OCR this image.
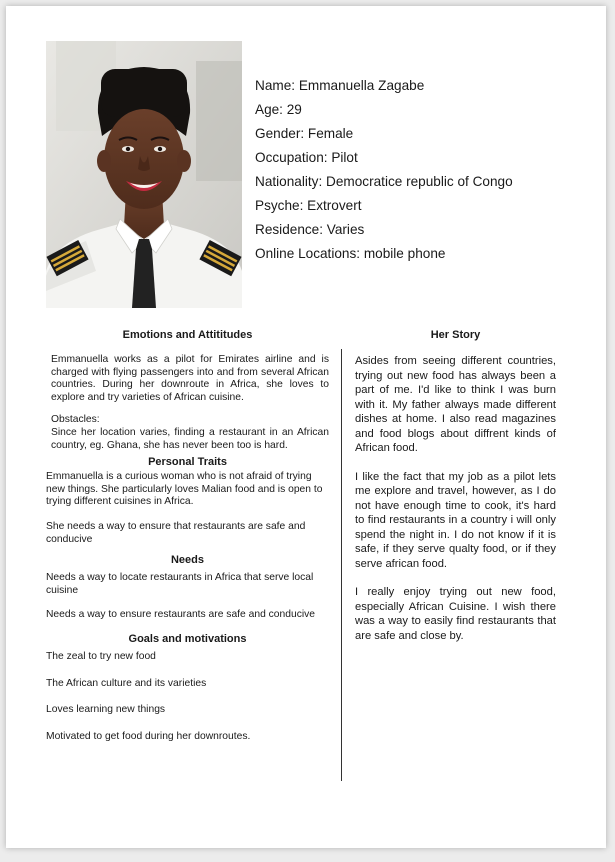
Name: Emmanuella Zagabe
Age: 29
Gender: Female
Occupation: Pilot
Nationality: Democratice republic of Congo
Psyche: Extrovert
Residence: Varies
Online Locations: mobile phone
Emotions and Attititudes

Emmanuella works as a pilot for Emirates airline and is charged with flying passengers into and from several African countries. During her downroute in Africa, she loves to explore and try varieties of African cuisine.

Obstacles:

Since her location varies, finding a restaurant in an African country, eg. Ghana, she has never been too is hard.

Personal Traits

Emmanuella is a curious woman who is not afraid of trying new things. She particularly loves Malian food and is open to trying different cuisines in Africa.

She needs a way to ensure that restaurants are safe and conducive

Needs

Needs a way to locate restaurants in Africa that serve local cuisine

Needs a way to ensure restaurants are safe and conducive

Goals and motivations

The zeal to try new food

The African culture and its varieties

Loves learning new things

Motivated to get food during her downroutes.

Her Story

Asides from seeing different countries, trying out new food has always been a part of me. I'd like to think I was burn with it. My father always made different dishes at home. I also read magazines and food blogs about diffrent kinds of African food.

I like the fact that my job as a pilot lets me explore and travel, however, as I do not have enough time to cook, it's hard to find restaurants in a country i will only spend the night in. I do not know if it is safe, if they serve qualty food, or if they serve african food.

I really enjoy trying out new food, especially African Cuisine. I wish there was a way to easily find restaurants that are safe and close by.
